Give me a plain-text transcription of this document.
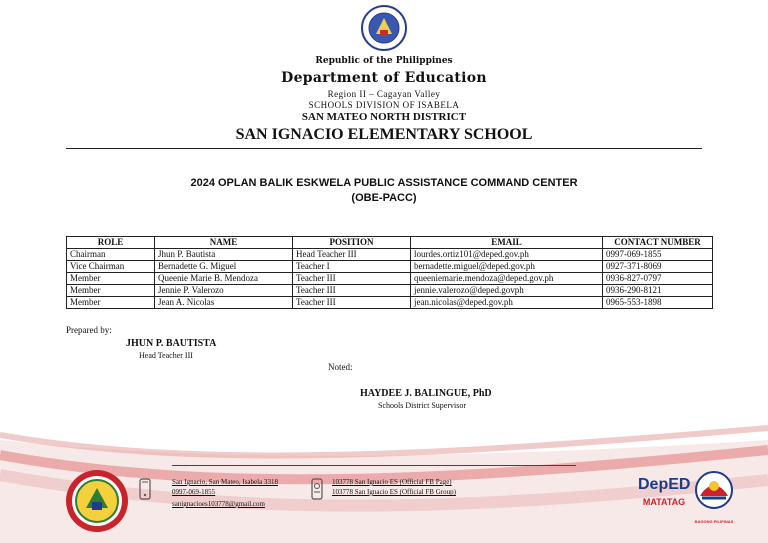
Republic of the Philippines
Department of Education
Region II – Cagayan Valley
SCHOOLS DIVISION OF ISABELA
SAN MATEO NORTH DISTRICT
SAN IGNACIO ELEMENTARY SCHOOL
2024 OPLAN BALIK ESKWELA PUBLIC ASSISTANCE COMMAND CENTER
(OBE-PACC)
ROLE	NAME	POSITION	EMAIL	CONTACT NUMBER
Chairman	Jhun P. Bautista	Head Teacher III	lourdes.ortiz101@deped.gov.ph	0997-069-1855
Vice Chairman	Bernadette G. Miguel	Teacher I	bernadette.miguel@deped.gov.ph	0927-371-8069
Member	Queenie Marie B. Mendoza	Teacher III	queeniemarie.mendoza@deped.gov.ph	0936-827-0797
Member	Jennie P. Valerozo	Teacher III	jennie.valerozo@deped.govph	0936-290-8121
Member	Jean A. Nicolas	Teacher III	jean.nicolas@deped.gov.ph	0965-553-1898
Prepared by:
JHUN P. BAUTISTA
Head Teacher III
Noted:
HAYDEE J. BALINGUE, PhD
Schools District Supervisor
San Ignacio, San Mateo, Isabela 3318
0997-069-1855
sanignacioes103778@gmail.com
103778 San Ignacio ES (Official FB Page)
103778 San Ignacio ES (Official FB Group)	DepED
MATATAG
BAGONG PILIPINAS
